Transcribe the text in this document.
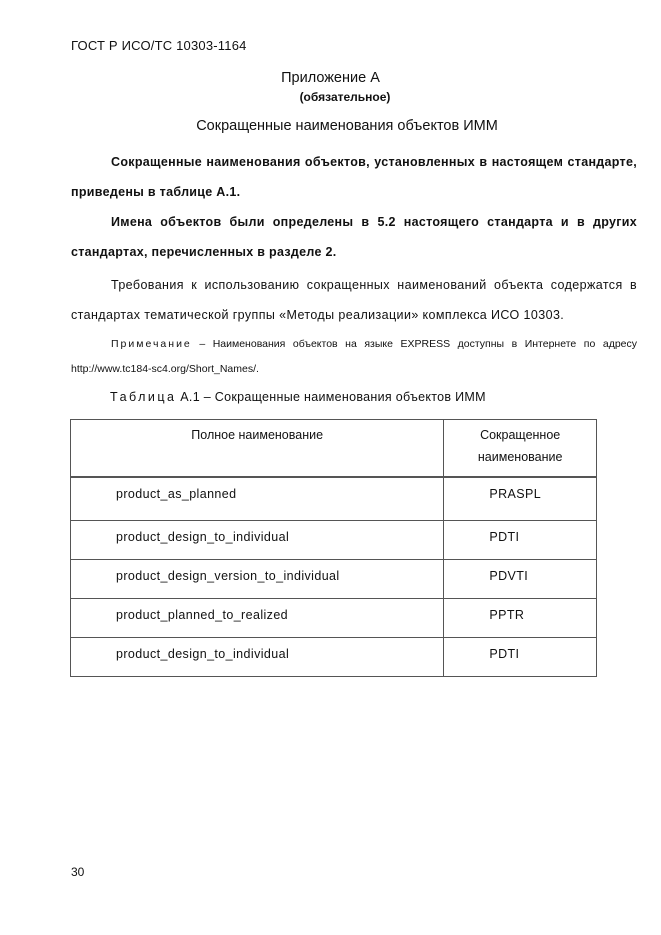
ГОСТ Р ИСО/ТС 10303-1164
Приложение А
(обязательное)
Сокращенные наименования объектов ИММ
Сокращенные наименования объектов, установленных в настоящем стандарте, приведены в таблице А.1.
Имена объектов были определены в 5.2 настоящего стандарта и в других стандартах, перечисленных в разделе 2.
Требования к использованию сокращенных наименований объекта содержатся в стандартах тематической группы «Методы реализации» комплекса ИСО 10303.
Примечание – Наименования объектов на языке EXPRESS доступны в Интернете по адресу http://www.tc184-sc4.org/Short_Names/.
Таблица А.1 – Сокращенные наименования объектов ИММ
Полное наименование	Сокращенное
наименование
product_as_planned	PRASPL
product_design_to_individual	PDTI
product_design_version_to_individual	PDVTI
product_planned_to_realized	PPTR
product_design_to_individual	PDTI
30
